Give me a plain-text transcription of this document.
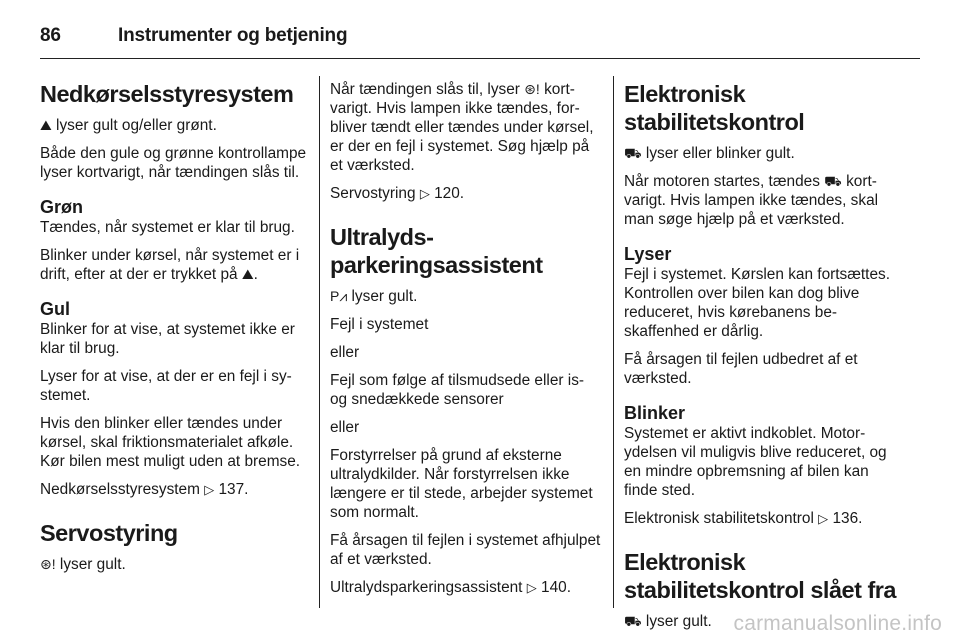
86	Instrumenter og betjening
Nedkørselsstyresystem

⛰ lyser gult og/eller grønt.

Både den gule og grønne kontrollampe lyser kortvarigt, når tændingen slås til.

Grøn

Tændes, når systemet er klar til brug.

Blinker under kørsel, når systemet er i drift, efter at der er trykket på ⛰.

Gul

Blinker for at vise, at systemet ikke er klar til brug.

Lyser for at vise, at der er en fejl i systemet.

Hvis den blinker eller tændes under kørsel, skal friktionsmaterialet afkøle. Kør bilen mest muligt uden at bremse.

Nedkørselsstyresystem ▷ 137.

Servostyring

⊛! lyser gult.

Når tændingen slås til, lyser ⊛! kortvarigt. Hvis lampen ikke tændes, forbliver tændt eller tændes under kørsel, er der en fejl i systemet. Søg hjælp på et værksted.

Servostyring ▷ 120.

Ultralydsparkeringsassistent

P⩘ lyser gult.

Fejl i systemet

eller

Fejl som følge af tilsmudsede eller is- og snedækkede sensorer

eller

Forstyrrelser på grund af eksterne ultralydkilder. Når forstyrrelsen ikke længere er til stede, arbejder systemet som normalt.

Få årsagen til fejlen i systemet afhjulpet af et værksted.

Ultralydsparkeringsassistent ▷ 140.

Elektronisk stabilitetskontrol

⛟ lyser eller blinker gult.

Når motoren startes, tændes ⛟ kortvarigt. Hvis lampen ikke tændes, skal man søge hjælp på et værksted.

Lyser

Fejl i systemet. Kørslen kan fortsættes. Kontrollen over bilen kan dog blive reduceret, hvis kørebanens beskaffenhed er dårlig.

Få årsagen til fejlen udbedret af et værksted.

Blinker

Systemet er aktivt indkoblet. Motorydelsen vil muligvis blive reduceret, og en mindre opbremsning af bilen kan finde sted.

Elektronisk stabilitetskontrol ▷ 136.

Elektronisk stabilitetskontrol slået fra

⛟ lyser gult.	carmanualsonline.info
